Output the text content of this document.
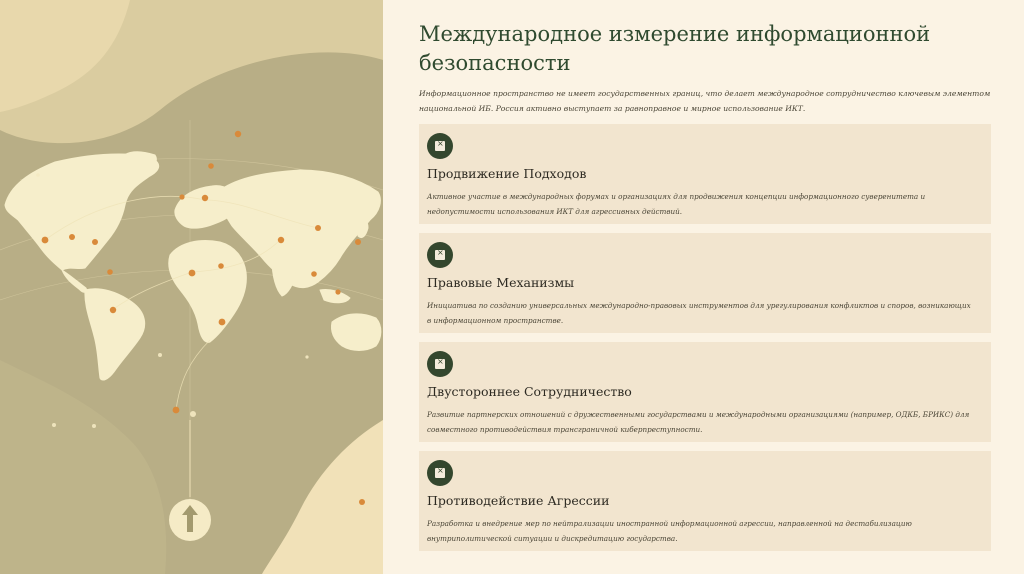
Международное измерение информационной безопасности

Информационное пространство не имеет государственных границ, что делает международное сотрудничество ключевым элементом национальной ИБ. Россия активно выступает за равноправное и мирное использование ИКТ.

×
Продвижение Подходов

Активное участие в международных форумах и организациях для продвижения концепции информационного суверенитета и недопустимости использования ИКТ для агрессивных действий.

×
Правовые Механизмы

Инициатива по созданию универсальных международно-правовых инструментов для урегулирования конфликтов и споров, возникающих в информационном пространстве.

×
Двустороннее Сотрудничество

Развитие партнерских отношений с дружественными государствами и международными организациями (например, ОДКБ, БРИКС) для совместного противодействия трансграничной киберпреступности.

×
Противодействие Агрессии

Разработка и внедрение мер по нейтрализации иностранной информационной агрессии, направленной на дестабилизацию внутриполитической ситуации и дискредитацию государства.
